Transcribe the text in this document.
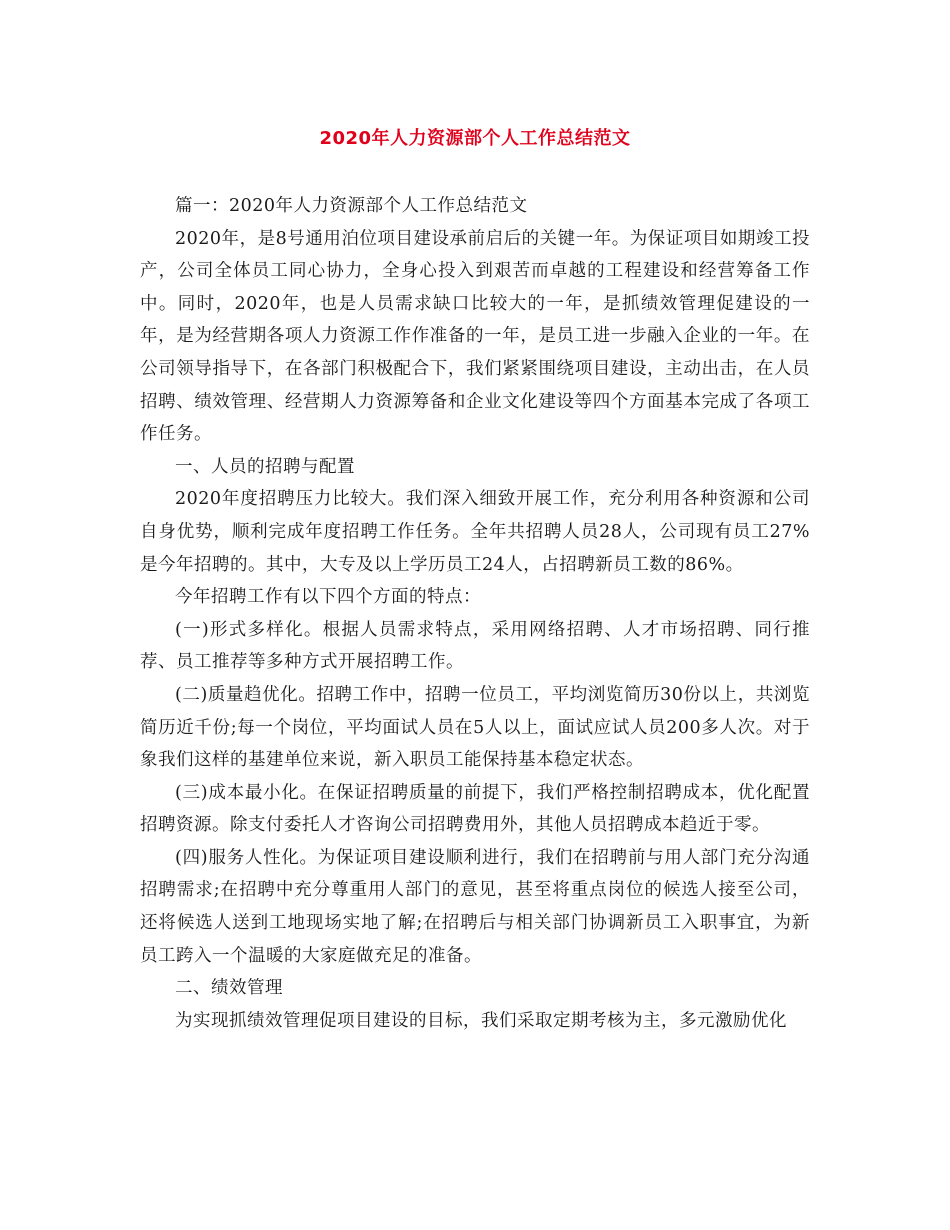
2020年人力资源部个人工作总结范文

篇一：2020年人力资源部个人工作总结范文

2020年，是8号通用泊位项目建设承前启后的关键一年。为保证项目如期竣工投产，公司全体员工同心协力，全身心投入到艰苦而卓越的工程建设和经营筹备工作中。同时，2020年，也是人员需求缺口比较大的一年，是抓绩效管理促建设的一年，是为经营期各项人力资源工作作准备的一年，是员工进一步融入企业的一年。在公司领导指导下，在各部门积极配合下，我们紧紧围绕项目建设，主动出击，在人员招聘、绩效管理、经营期人力资源筹备和企业文化建设等四个方面基本完成了各项工作任务。

一、人员的招聘与配置

2020年度招聘压力比较大。我们深入细致开展工作，充分利用各种资源和公司自身优势，顺利完成年度招聘工作任务。全年共招聘人员28人，公司现有员工27%是今年招聘的。其中，大专及以上学历员工24人，占招聘新员工数的86%。

今年招聘工作有以下四个方面的特点：

(一)形式多样化。根据人员需求特点，采用网络招聘、人才市场招聘、同行推荐、员工推荐等多种方式开展招聘工作。

(二)质量趋优化。招聘工作中，招聘一位员工，平均浏览简历30份以上，共浏览简历近千份;每一个岗位，平均面试人员在5人以上，面试应试人员200多人次。对于象我们这样的基建单位来说，新入职员工能保持基本稳定状态。

(三)成本最小化。在保证招聘质量的前提下，我们严格控制招聘成本，优化配置招聘资源。除支付委托人才咨询公司招聘费用外，其他人员招聘成本趋近于零。

(四)服务人性化。为保证项目建设顺利进行，我们在招聘前与用人部门充分沟通招聘需求;在招聘中充分尊重用人部门的意见，甚至将重点岗位的候选人接至公司，还将候选人送到工地现场实地了解;在招聘后与相关部门协调新员工入职事宜，为新员工跨入一个温暖的大家庭做充足的准备。

二、绩效管理

为实现抓绩效管理促项目建设的目标，我们采取定期考核为主，多元激励优化
